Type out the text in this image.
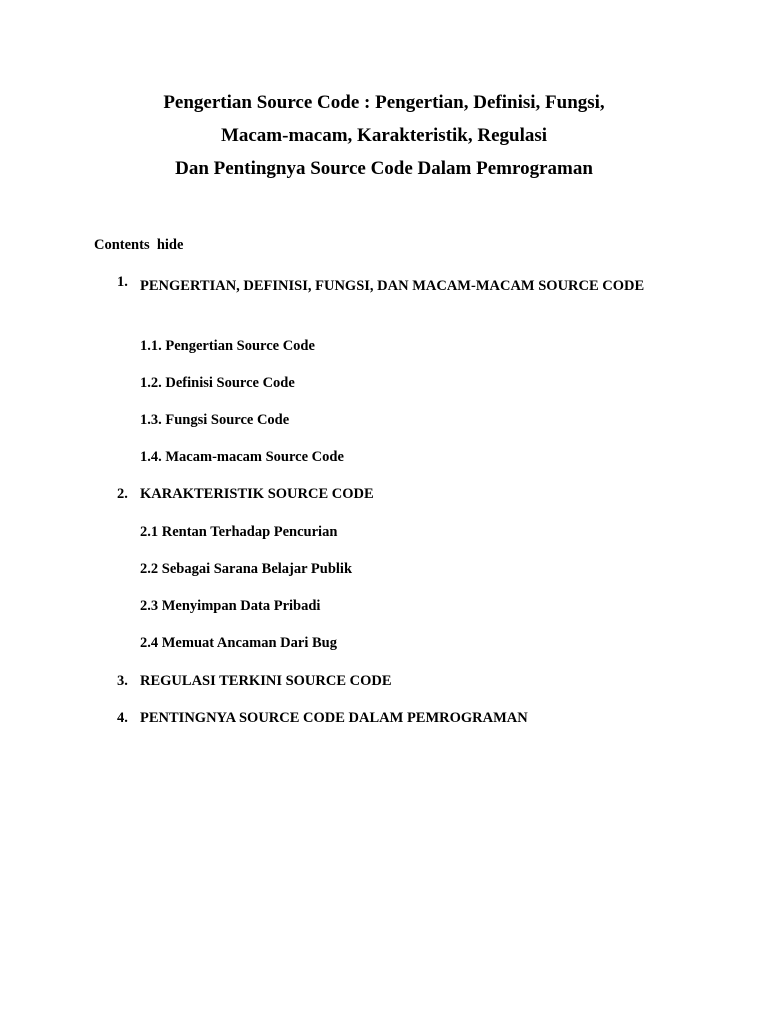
Pengertian Source Code : Pengertian, Definisi, Fungsi,
Macam-macam, Karakteristik, Regulasi
Dan Pentingnya Source Code Dalam Pemrograman
Contents  hide
1. PENGERTIAN, DEFINISI, FUNGSI, DAN MACAM-MACAM SOURCE CODE
1.1. Pengertian Source Code
1.2. Definisi Source Code
1.3. Fungsi Source Code
1.4. Macam-macam Source Code
2. KARAKTERISTIK SOURCE CODE
2.1 Rentan Terhadap Pencurian
2.2 Sebagai Sarana Belajar Publik
2.3 Menyimpan Data Pribadi
2.4 Memuat Ancaman Dari Bug
3. REGULASI TERKINI SOURCE CODE
4. PENTINGNYA SOURCE CODE DALAM PEMROGRAMAN
